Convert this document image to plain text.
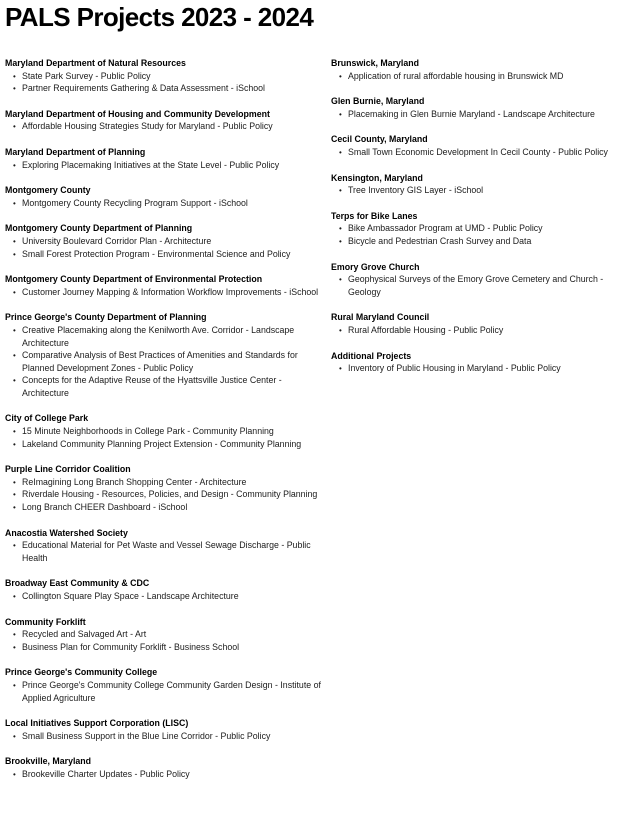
PALS Projects 2023 - 2024
Maryland Department of Natural Resources
•
State Park Survey - Public Policy
•
Partner Requirements Gathering & Data Assessment - iSchool
Maryland Department of Housing and Community Development
•
Affordable Housing Strategies Study for Maryland - Public Policy
Maryland Department of Planning
•
Exploring Placemaking Initiatives at the State Level - Public Policy
Montgomery County
•
Montgomery County Recycling Program Support - iSchool
Montgomery County Department of Planning
•
University Boulevard Corridor Plan - Architecture
•
Small Forest Protection Program - Environmental Science and Policy
Montgomery County Department of Environmental Protection
•
Customer Journey Mapping & Information Workflow Improvements - iSchool
Prince George's County Department of Planning
•
Creative Placemaking along the Kenilworth Ave. Corridor - Landscape Architecture
•
Comparative Analysis of Best Practices of Amenities and Standards for Planned Development Zones - Public Policy
•
Concepts for the Adaptive Reuse of the Hyattsville Justice Center - Architecture
City of College Park
•
15 Minute Neighborhoods in College Park - Community Planning
•
Lakeland Community Planning Project Extension - Community Planning
Purple Line Corridor Coalition
•
ReImagining Long Branch Shopping Center - Architecture
•
Riverdale Housing - Resources, Policies, and Design - Community Planning
•
Long Branch CHEER Dashboard - iSchool
Anacostia Watershed Society
•
Educational Material for Pet Waste and Vessel Sewage Discharge - Public Health
Broadway East Community & CDC
•
Collington Square Play Space - Landscape Architecture
Community Forklift
•
Recycled and Salvaged Art - Art
•
Business Plan for Community Forklift - Business School
Prince George's Community College
•
Prince George's Community College Community Garden Design - Institute of Applied Agriculture
Local Initiatives Support Corporation (LISC)
•
Small Business Support in the Blue Line Corridor - Public Policy
Brookville, Maryland
•
Brookeville Charter Updates - Public Policy
Brunswick, Maryland
•
Application of rural affordable housing in Brunswick MD
Glen Burnie, Maryland
•
Placemaking in Glen Burnie Maryland - Landscape Architecture
Cecil County, Maryland
•
Small Town Economic Development In Cecil County - Public Policy
Kensington, Maryland
•
Tree Inventory GIS Layer - iSchool
Terps for Bike Lanes
•
Bike Ambassador Program at UMD - Public Policy
•
Bicycle and Pedestrian Crash Survey and Data
Emory Grove Church
•
Geophysical Surveys of the Emory Grove Cemetery and Church - Geology
Rural Maryland Council
•
Rural Affordable Housing - Public Policy
Additional Projects
•
Inventory of Public Housing in Maryland - Public Policy
